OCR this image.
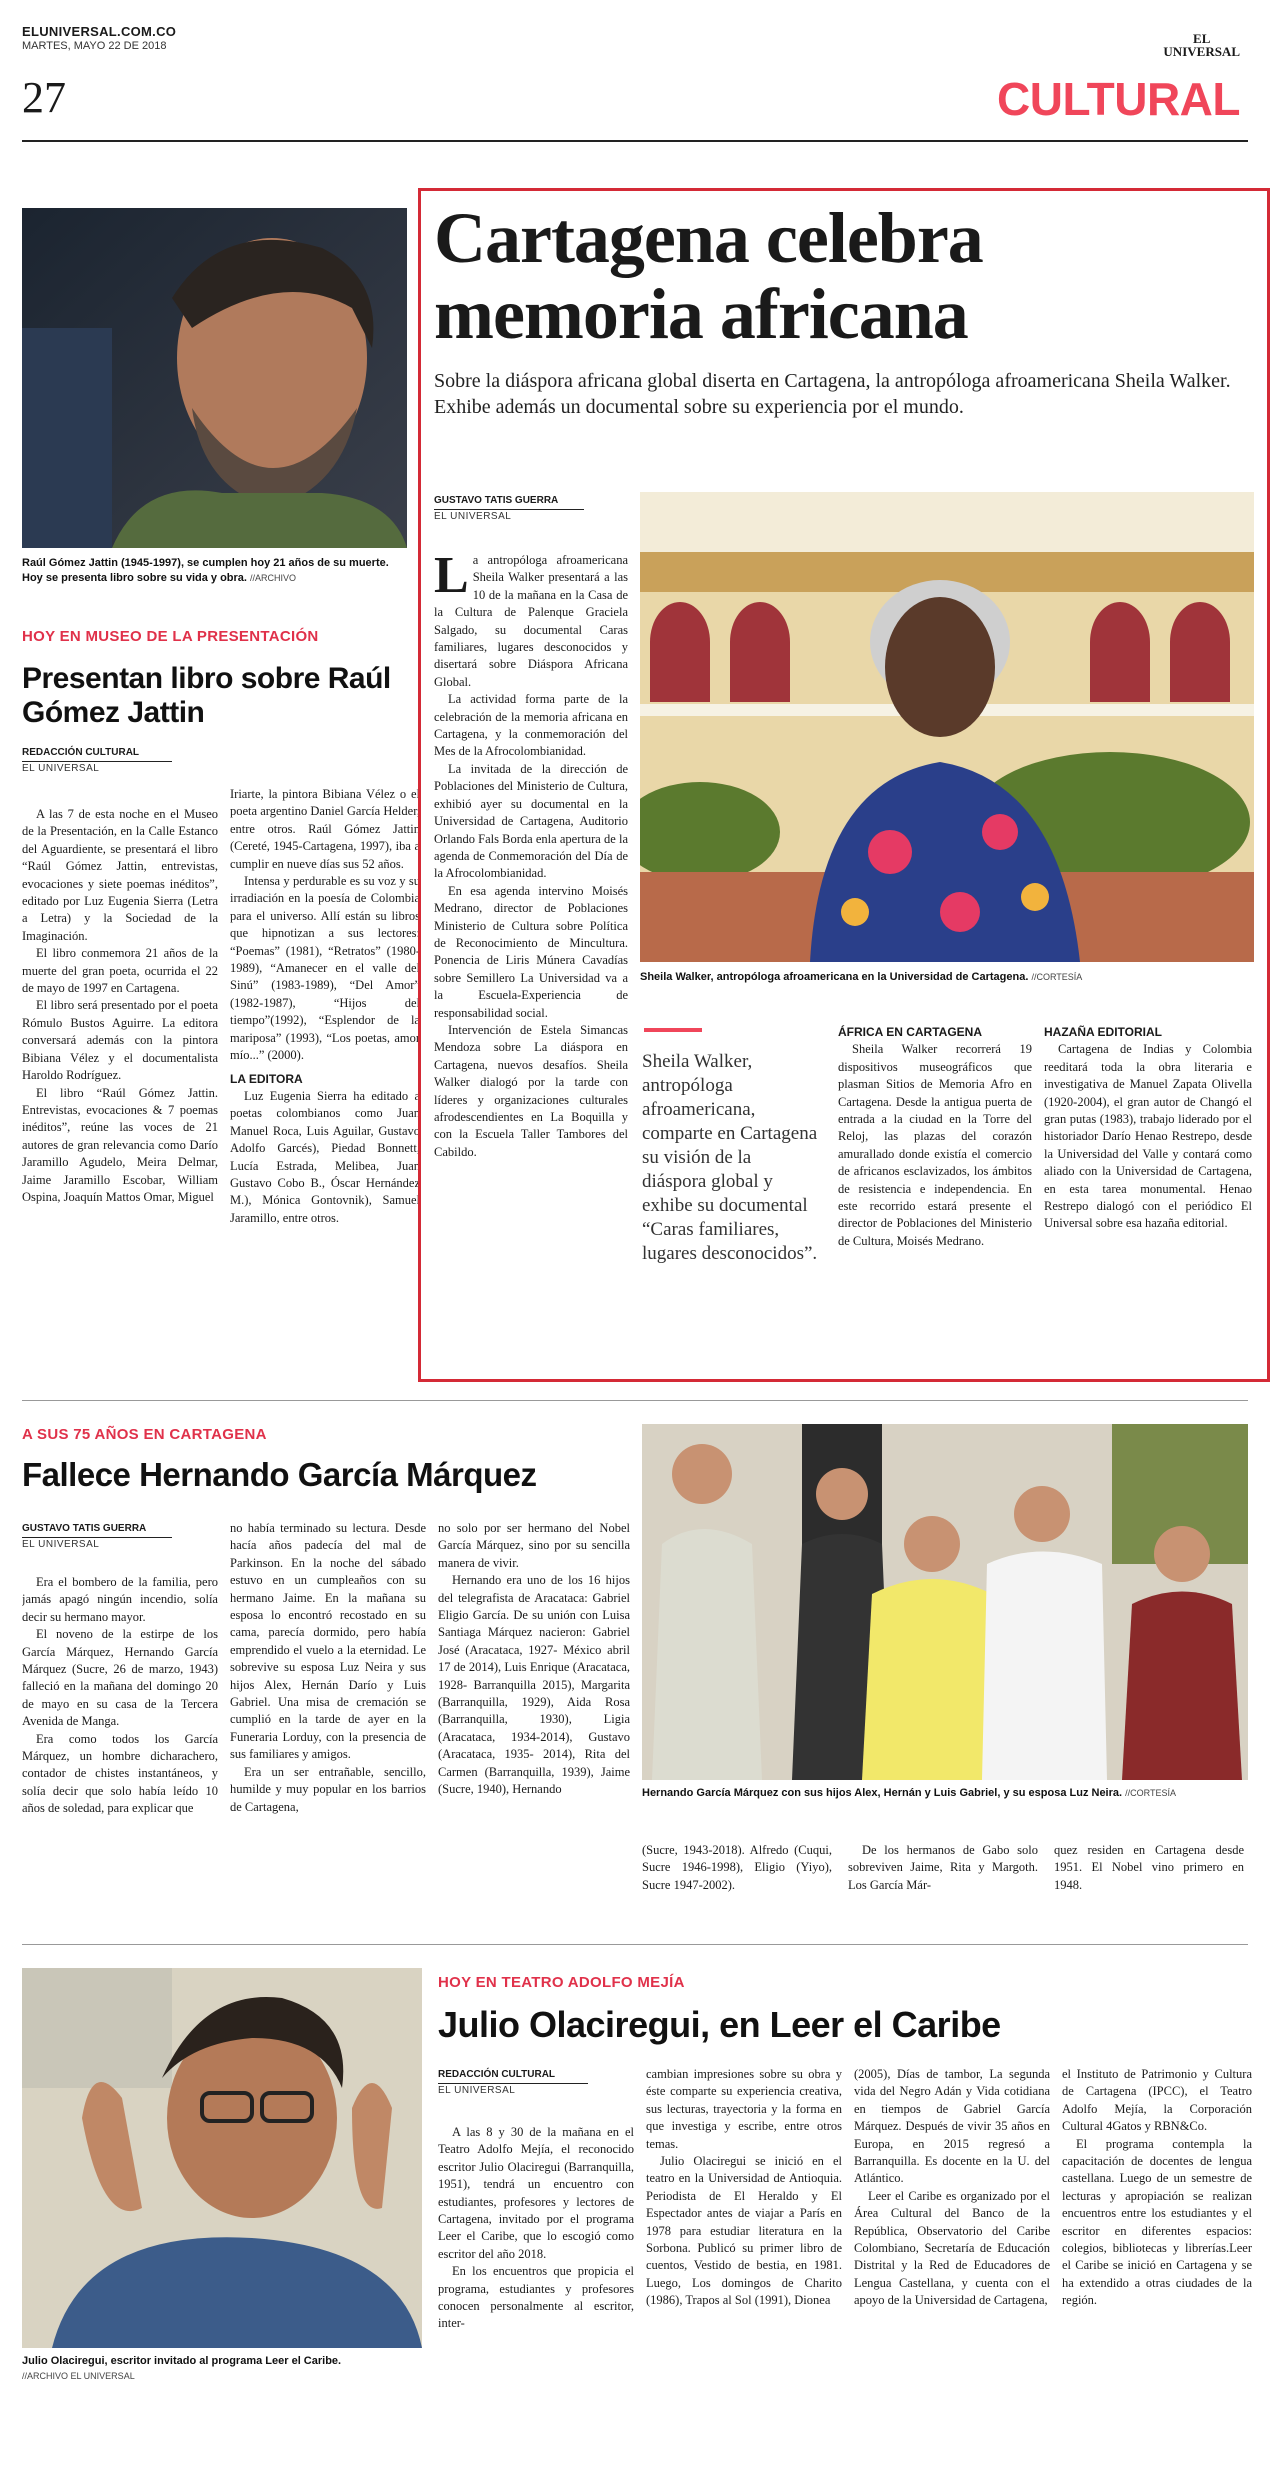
ELUNIVERSAL.COM.CO
MARTES, MAYO 22 DE 2018
27
EL
UNIVERSAL
CULTURAL
Raúl Gómez Jattin (1945-1997), se cumplen hoy 21 años de su muerte. Hoy se presenta libro sobre su vida y obra. //ARCHIVO
HOY EN MUSEO DE LA PRESENTACIÓN
Presentan libro sobre Raúl Gómez Jattin
REDACCIÓN CULTURAL
EL UNIVERSAL

A las 7 de esta noche en el Museo de la Presentación, en la Calle Estanco del Aguardiente, se presentará el libro “Raúl Gómez Jattin, entrevistas, evocaciones y siete poemas inéditos”, editado por Luz Eugenia Sierra (Letra a Letra) y la Sociedad de la Imaginación.

El libro conmemora 21 años de la muerte del gran poeta, ocurrida el 22 de mayo de 1997 en Cartagena.

El libro será presentado por el poeta Rómulo Bustos Aguirre. La editora conversará además con la pintora Bibiana Vélez y el documentalista Haroldo Rodríguez.

El libro “Raúl Gómez Jattin. Entrevistas, evocaciones & 7 poemas inéditos”, reúne las voces de 21 autores de gran relevancia como Darío Jaramillo Agudelo, Meira Delmar, Jaime Jaramillo Escobar, William Ospina, Joaquín Mattos Omar, Miguel

Iriarte, la pintora Bibiana Vélez o el poeta argentino Daniel García Helder, entre otros. Raúl Gómez Jattin (Cereté, 1945-Cartagena, 1997), iba a cumplir en nueve días sus 52 años.

Intensa y perdurable es su voz y su irradiación en la poesía de Colombia para el universo. Allí están su libros que hipnotizan a sus lectores: “Poemas” (1981), “Retratos” (1980-1989), “Amanecer en el valle del Sinú” (1983-1989), “Del Amor” (1982-1987), “Hijos del tiempo”(1992), “Esplendor de la mariposa” (1993), “Los poetas, amor mío...” (2000).

LA EDITORA

Luz Eugenia Sierra ha editado a poetas colombianos como Juan Manuel Roca, Luis Aguilar, Gustavo Adolfo Garcés), Piedad Bonnett, Lucía Estrada, Melibea, Juan Gustavo Cobo B., Óscar Hernández M.), Mónica Gontovnik), Samuel Jaramillo, entre otros.

Cartagena celebra memoria africana
Sobre la diáspora africana global diserta en Cartagena, la antropóloga afroamericana Sheila Walker. Exhibe además un documental sobre su experiencia por el mundo.
GUSTAVO TATIS GUERRA
EL UNIVERSAL

La antropóloga afroamericana Sheila Walker presentará a las 10 de la mañana en la Casa de la Cultura de Palenque Graciela Salgado, su documental Caras familiares, lugares desconocidos y disertará sobre Diáspora Africana Global.

La actividad forma parte de la celebración de la memoria africana en Cartagena, y la conmemoración del Mes de la Afrocolombianidad.

La invitada de la dirección de Poblaciones del Ministerio de Cultura, exhibió ayer su documental en la Universidad de Cartagena, Auditorio Orlando Fals Borda enla apertura de la agenda de Conmemoración del Día de la Afrocolombianidad.

En esa agenda intervino Moisés Medrano, director de Poblaciones Ministerio de Cultura sobre Política de Reconocimiento de Mincultura. Ponencia de Liris Múnera Cavadías sobre Semillero La Universidad va a la Escuela-Experiencia de responsabilidad social.

Intervención de Estela Simancas Mendoza sobre La diáspora en Cartagena, nuevos desafíos. Sheila Walker dialogó por la tarde con líderes y organizaciones culturales afrodescendientes en La Boquilla y con la Escuela Taller Tambores del Cabildo.

Sheila Walker, antropóloga afroamericana en la Universidad de Cartagena. //CORTESÍA
Sheila Walker, antropóloga afroamericana, comparte en Cartagena su visión de la diáspora global y exhibe su documental “Caras familiares, lugares desconocidos”.
ÁFRICA EN CARTAGENA

Sheila Walker recorrerá 19 dispositivos museográficos que plasman Sitios de Memoria Afro en Cartagena. Desde la antigua puerta de entrada a la ciudad en la Torre del Reloj, las plazas del corazón amurallado donde existía el comercio de africanos esclavizados, los ámbitos de resistencia e independencia. En este recorrido estará presente el director de Poblaciones del Ministerio de Cultura, Moisés Medrano.

HAZAÑA EDITORIAL

Cartagena de Indias y Colombia reeditará toda la obra literaria e investigativa de Manuel Zapata Olivella (1920-2004), el gran autor de Changó el gran putas (1983), trabajo liderado por el historiador Darío Henao Restrepo, desde la Universidad del Valle y contará como aliado con la Universidad de Cartagena, en esta tarea monumental. Henao Restrepo dialogó con el periódico El Universal sobre esa hazaña editorial.

A SUS 75 AÑOS EN CARTAGENA
Fallece Hernando García Márquez
GUSTAVO TATIS GUERRA
EL UNIVERSAL

Era el bombero de la familia, pero jamás apagó ningún incendio, solía decir su hermano mayor.

El noveno de la estirpe de los García Márquez, Hernando García Márquez (Sucre, 26 de marzo, 1943) falleció en la mañana del domingo 20 de mayo en su casa de la Tercera Avenida de Manga.

Era como todos los García Márquez, un hombre dicharachero, contador de chistes instantáneos, y solía decir que solo había leído 10 años de soledad, para explicar que

no había terminado su lectura. Desde hacía años padecía del mal de Parkinson. En la noche del sábado estuvo en un cumpleaños con su hermano Jaime. En la mañana su esposa lo encontró recostado en su cama, parecía dormido, pero había emprendido el vuelo a la eternidad. Le sobrevive su esposa Luz Neira y sus hijos Alex, Hernán Darío y Luis Gabriel. Una misa de cremación se cumplió en la tarde de ayer en la Funeraria Lorduy, con la presencia de sus familiares y amigos.

Era un ser entrañable, sencillo, humilde y muy popular en los barrios de Cartagena,

no solo por ser hermano del Nobel García Márquez, sino por su sencilla manera de vivir.

Hernando era uno de los 16 hijos del telegrafista de Aracataca: Gabriel Eligio García. De su unión con Luisa Santiaga Márquez nacieron: Gabriel José (Aracataca, 1927- México abril 17 de 2014), Luis Enrique (Aracataca, 1928- Barranquilla 2015), Margarita (Barranquilla, 1929), Aida Rosa (Barranquilla, 1930), Ligia (Aracataca, 1934-2014), Gustavo (Aracataca, 1935- 2014), Rita del Carmen (Barranquilla, 1939), Jaime (Sucre, 1940), Hernando	Hernando García Márquez con sus hijos Alex, Hernán y Luis Gabriel, y su esposa Luz Neira. //CORTESÍA

(Sucre, 1943-2018). Alfredo (Cuqui, Sucre 1946-1998), Eligio (Yiyo), Sucre 1947-2002).

De los hermanos de Gabo solo sobreviven Jaime, Rita y Margoth. Los García Már-

quez residen en Cartagena desde 1951. El Nobel vino primero en 1948.

Julio Olaciregui, escritor invitado al programa Leer el Caribe.
//ARCHIVO EL UNIVERSAL
HOY EN TEATRO ADOLFO MEJÍA
Julio Olaciregui, en Leer el Caribe
REDACCIÓN CULTURAL
EL UNIVERSAL

A las 8 y 30 de la mañana en el Teatro Adolfo Mejía, el reconocido escritor Julio Olaciregui (Barranquilla, 1951), tendrá un encuentro con estudiantes, profesores y lectores de Cartagena, invitado por el programa Leer el Caribe, que lo escogió como escritor del año 2018.

En los encuentros que propicia el programa, estudiantes y profesores conocen personalmente al escritor, inter-

cambian impresiones sobre su obra y éste comparte su experiencia creativa, sus lecturas, trayectoria y la forma en que investiga y escribe, entre otros temas.

Julio Olaciregui se inició en el teatro en la Universidad de Antioquia. Periodista de El Heraldo y El Espectador antes de viajar a París en 1978 para estudiar literatura en la Sorbona. Publicó su primer libro de cuentos, Vestido de bestia, en 1981. Luego, Los domingos de Charito (1986), Trapos al Sol (1991), Dionea

(2005), Días de tambor, La segunda vida del Negro Adán y Vida cotidiana en tiempos de Gabriel García Márquez. Después de vivir 35 años en Europa, en 2015 regresó a Barranquilla. Es docente en la U. del Atlántico.

Leer el Caribe es organizado por el Área Cultural del Banco de la República, Observatorio del Caribe Colombiano, Secretaría de Educación Distrital y la Red de Educadores de Lengua Castellana, y cuenta con el apoyo de la Universidad de Cartagena,

el Instituto de Patrimonio y Cultura de Cartagena (IPCC), el Teatro Adolfo Mejía, la Corporación Cultural 4Gatos y RBN&Co.

El programa contempla la capacitación de docentes de lengua castellana. Luego de un semestre de lecturas y apropiación se realizan encuentros entre los estudiantes y el escritor en diferentes espacios: colegios, bibliotecas y librerías.Leer el Caribe se inició en Cartagena y se ha extendido a otras ciudades de la región.
